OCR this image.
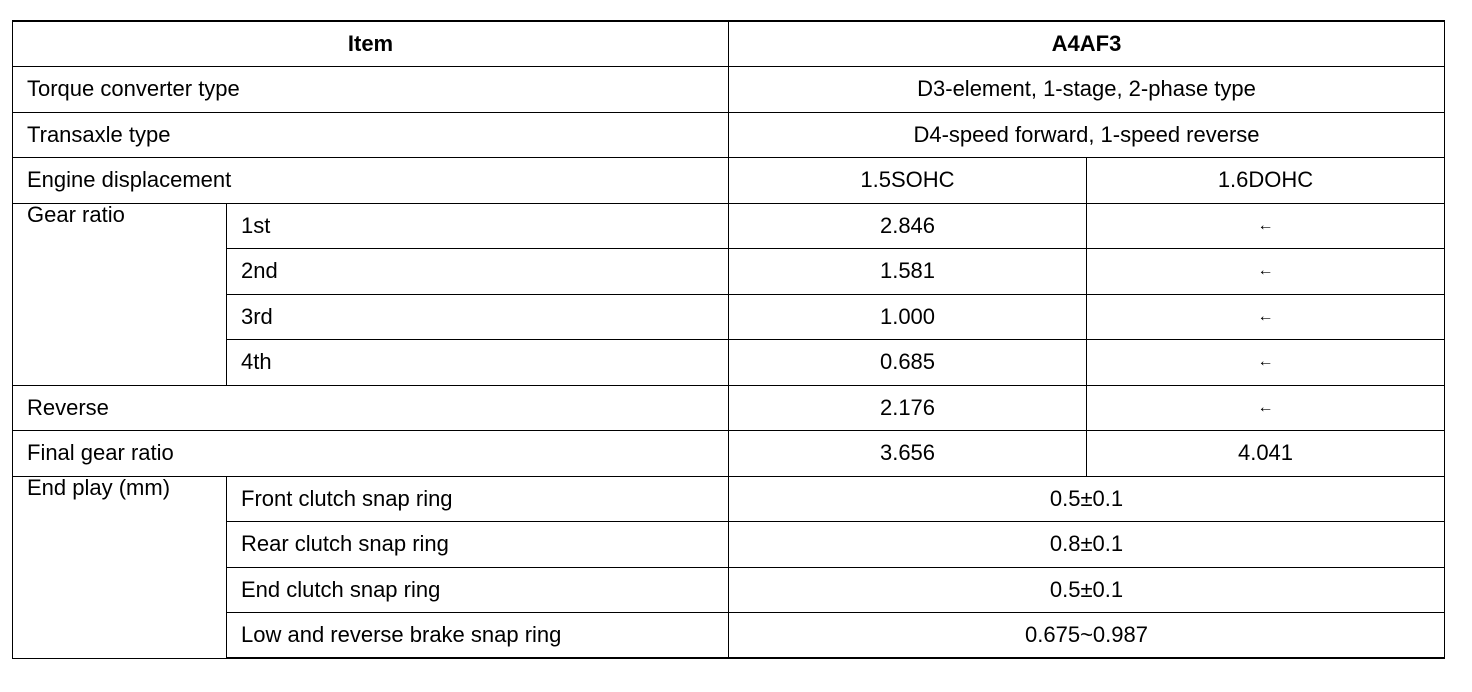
Item		A4AF3	
Torque converter type		D3-element, 1-stage, 2-phase type	
Transaxle type		D4-speed forward, 1-speed reverse	
Engine displacement		1.5SOHC	1.6DOHC
Gear ratio	1st	2.846	←
	2nd	1.581	←
	3rd	1.000	←
	4th	0.685	←
Reverse		2.176	←
Final gear ratio		3.656	4.041
End play (mm)	Front clutch snap ring	0.5±0.1	
	Rear clutch snap ring	0.8±0.1	
	End clutch snap ring	0.5±0.1	
	Low and reverse brake snap ring	0.675~0.987	
